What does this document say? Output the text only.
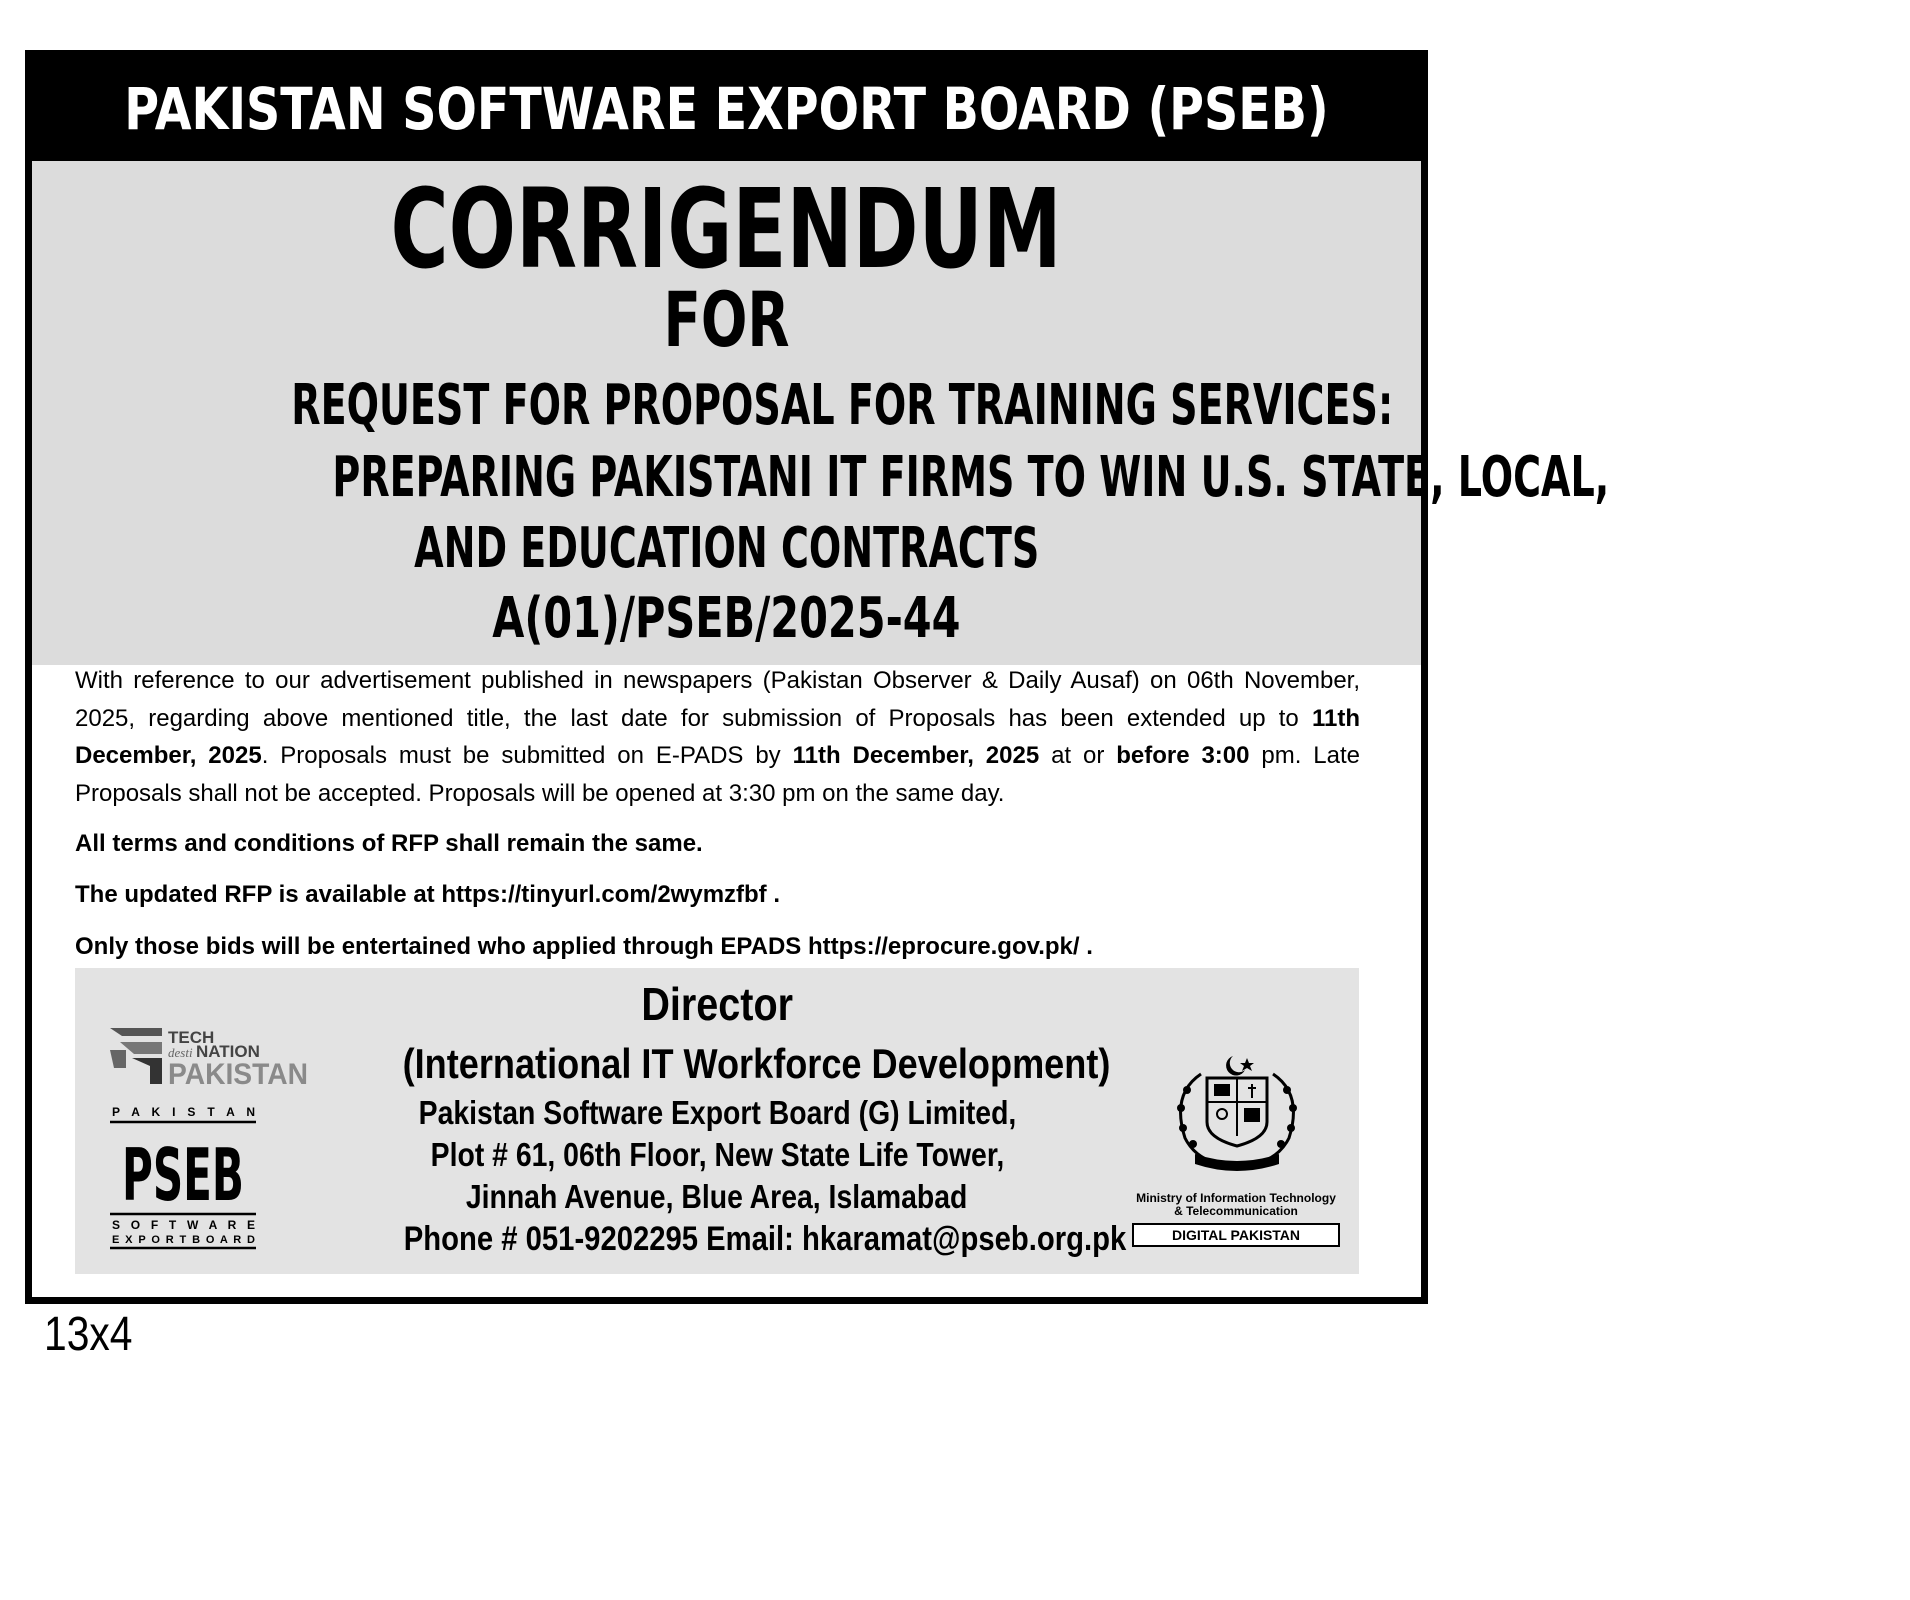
PAKISTAN SOFTWARE EXPORT BOARD (PSEB)
CORRIGENDUM
FOR
REQUEST FOR PROPOSAL FOR TRAINING SERVICES:
PREPARING PAKISTANI IT FIRMS TO WIN U.S. STATE, LOCAL,
AND EDUCATION CONTRACTS
A(01)/PSEB/2025-44
With reference to our advertisement published in newspapers (Pakistan Observer & Daily Ausaf) on 06th November, 2025, regarding above mentioned title, the last date for submission of Proposals has been extended up to 11th December, 2025. Proposals must be submitted on E-PADS by 11th December, 2025 at or before 3:00 pm. Late Proposals shall not be accepted. Proposals will be opened at 3:30 pm on the same day.
All terms and conditions of RFP shall remain the same.
The updated RFP is available at https://tinyurl.com/2wymzfbf .
Only those bids will be entertained who applied through EPADS https://eprocure.gov.pk/ .
TECH
desti NATION
PAKISTAN
P A K I S T A N
PSEB
S O F T W A R E
E X P O R T B O A R D
Director
(International IT Workforce Development)
Pakistan Software Export Board (G) Limited,
Plot # 61, 06th Floor, New State Life Tower,
Jinnah Avenue, Blue Area, Islamabad
Phone # 051-9202295 Email: hkaramat@pseb.org.pk
Ministry of Information Technology
& Telecommunication
DIGITAL PAKISTAN
13x4
